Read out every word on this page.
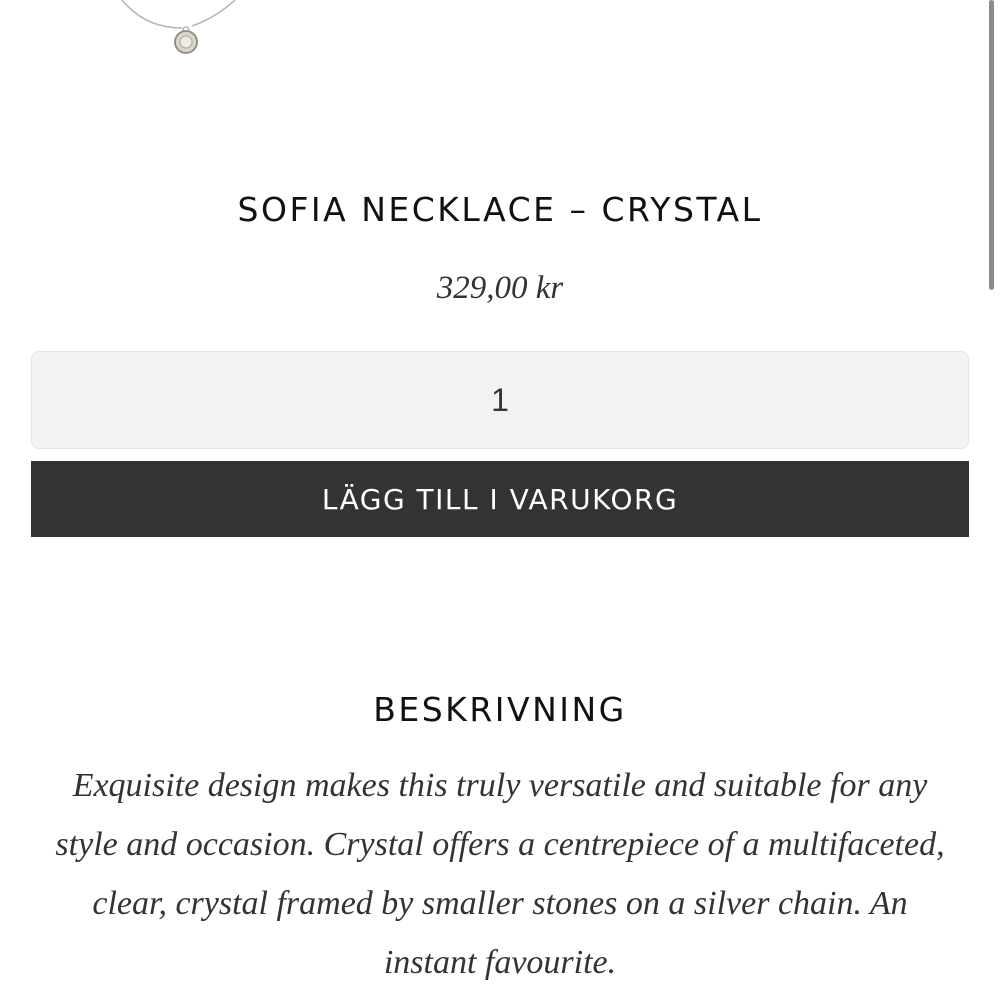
SOFIA NECKLACE – CRYSTAL
329,00 kr
1
LÄGG TILL I VARUKORG
BESKRIVNING
Exquisite design makes this truly versatile and suitable for any style and occasion. Crystal offers a centrepiece of a multifaceted, clear, crystal framed by smaller stones on a silver chain. An instant favourite.
